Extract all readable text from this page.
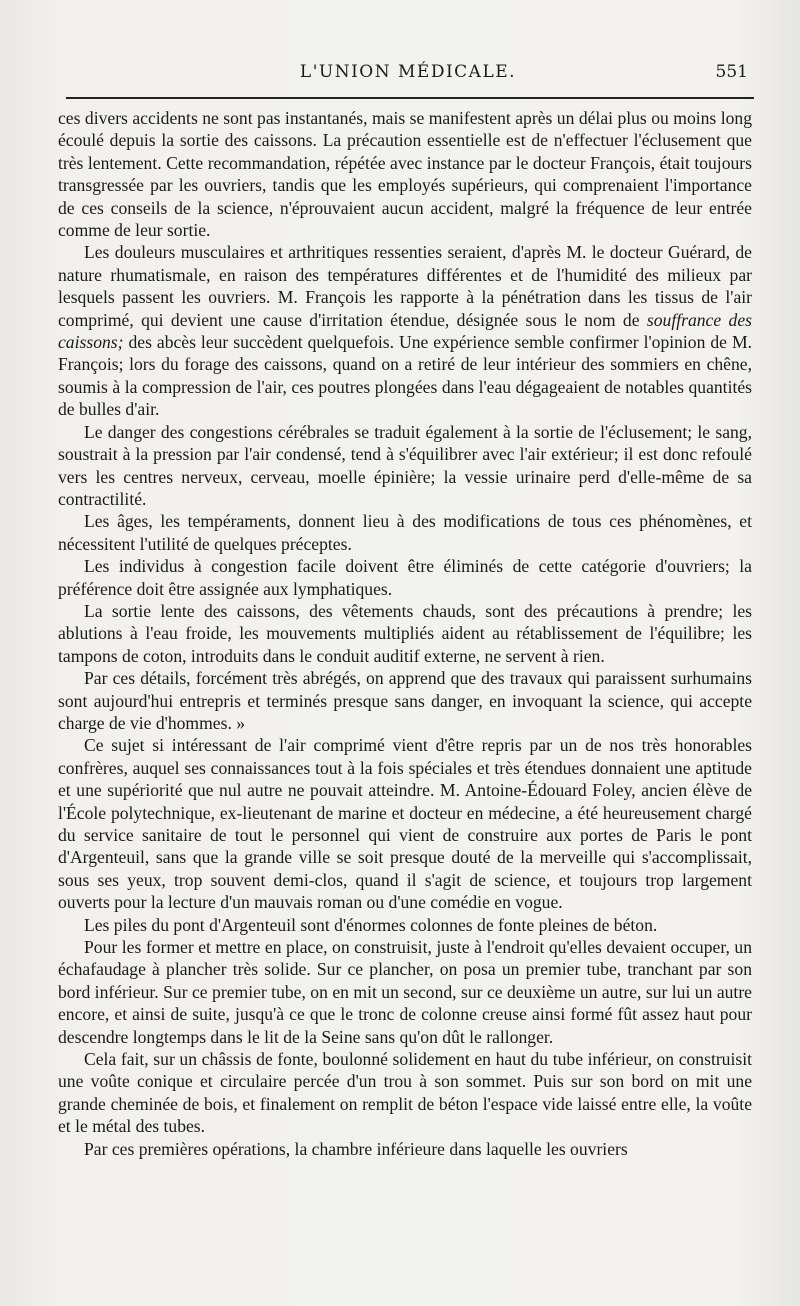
L'UNION MÉDICALE.	551

ces divers accidents ne sont pas instantanés, mais se manifestent après un délai plus ou moins long écoulé depuis la sortie des caissons. La précaution essentielle est de n'effectuer l'éclusement que très lentement. Cette recommandation, répétée avec instance par le docteur François, était toujours transgressée par les ouvriers, tandis que les employés supérieurs, qui comprenaient l'importance de ces conseils de la science, n'éprouvaient aucun accident, malgré la fréquence de leur entrée comme de leur sortie.

Les douleurs musculaires et arthritiques ressenties seraient, d'après M. le docteur Guérard, de nature rhumatismale, en raison des températures différentes et de l'humidité des milieux par lesquels passent les ouvriers. M. François les rapporte à la pénétration dans les tissus de l'air comprimé, qui devient une cause d'irritation étendue, désignée sous le nom de souffrance des caissons; des abcès leur succèdent quelquefois. Une expérience semble confirmer l'opinion de M. François; lors du forage des caissons, quand on a retiré de leur intérieur des sommiers en chêne, soumis à la compression de l'air, ces poutres plongées dans l'eau dégageaient de notables quantités de bulles d'air.

Le danger des congestions cérébrales se traduit également à la sortie de l'éclusement; le sang, soustrait à la pression par l'air condensé, tend à s'équilibrer avec l'air extérieur; il est donc refoulé vers les centres nerveux, cerveau, moelle épinière; la vessie urinaire perd d'elle-même de sa contractilité.

Les âges, les tempéraments, donnent lieu à des modifications de tous ces phénomènes, et nécessitent l'utilité de quelques préceptes.

Les individus à congestion facile doivent être éliminés de cette catégorie d'ouvriers; la préférence doit être assignée aux lymphatiques.

La sortie lente des caissons, des vêtements chauds, sont des précautions à prendre; les ablutions à l'eau froide, les mouvements multipliés aident au rétablissement de l'équilibre; les tampons de coton, introduits dans le conduit auditif externe, ne servent à rien.

Par ces détails, forcément très abrégés, on apprend que des travaux qui paraissent surhumains sont aujourd'hui entrepris et terminés presque sans danger, en invoquant la science, qui accepte charge de vie d'hommes. »

Ce sujet si intéressant de l'air comprimé vient d'être repris par un de nos très honorables confrères, auquel ses connaissances tout à la fois spéciales et très étendues donnaient une aptitude et une supériorité que nul autre ne pouvait atteindre. M. Antoine-Édouard Foley, ancien élève de l'École polytechnique, ex-lieutenant de marine et docteur en médecine, a été heureusement chargé du service sanitaire de tout le personnel qui vient de construire aux portes de Paris le pont d'Argenteuil, sans que la grande ville se soit presque douté de la merveille qui s'accomplissait, sous ses yeux, trop souvent demi-clos, quand il s'agit de science, et toujours trop largement ouverts pour la lecture d'un mauvais roman ou d'une comédie en vogue.

Les piles du pont d'Argenteuil sont d'énormes colonnes de fonte pleines de béton.

Pour les former et mettre en place, on construisit, juste à l'endroit qu'elles devaient occuper, un échafaudage à plancher très solide. Sur ce plancher, on posa un premier tube, tranchant par son bord inférieur. Sur ce premier tube, on en mit un second, sur ce deuxième un autre, sur lui un autre encore, et ainsi de suite, jusqu'à ce que le tronc de colonne creuse ainsi formé fût assez haut pour descendre longtemps dans le lit de la Seine sans qu'on dût le rallonger.

Cela fait, sur un châssis de fonte, boulonné solidement en haut du tube inférieur, on construisit une voûte conique et circulaire percée d'un trou à son sommet. Puis sur son bord on mit une grande cheminée de bois, et finalement on remplit de béton l'espace vide laissé entre elle, la voûte et le métal des tubes.

Par ces premières opérations, la chambre inférieure dans laquelle les ouvriers
